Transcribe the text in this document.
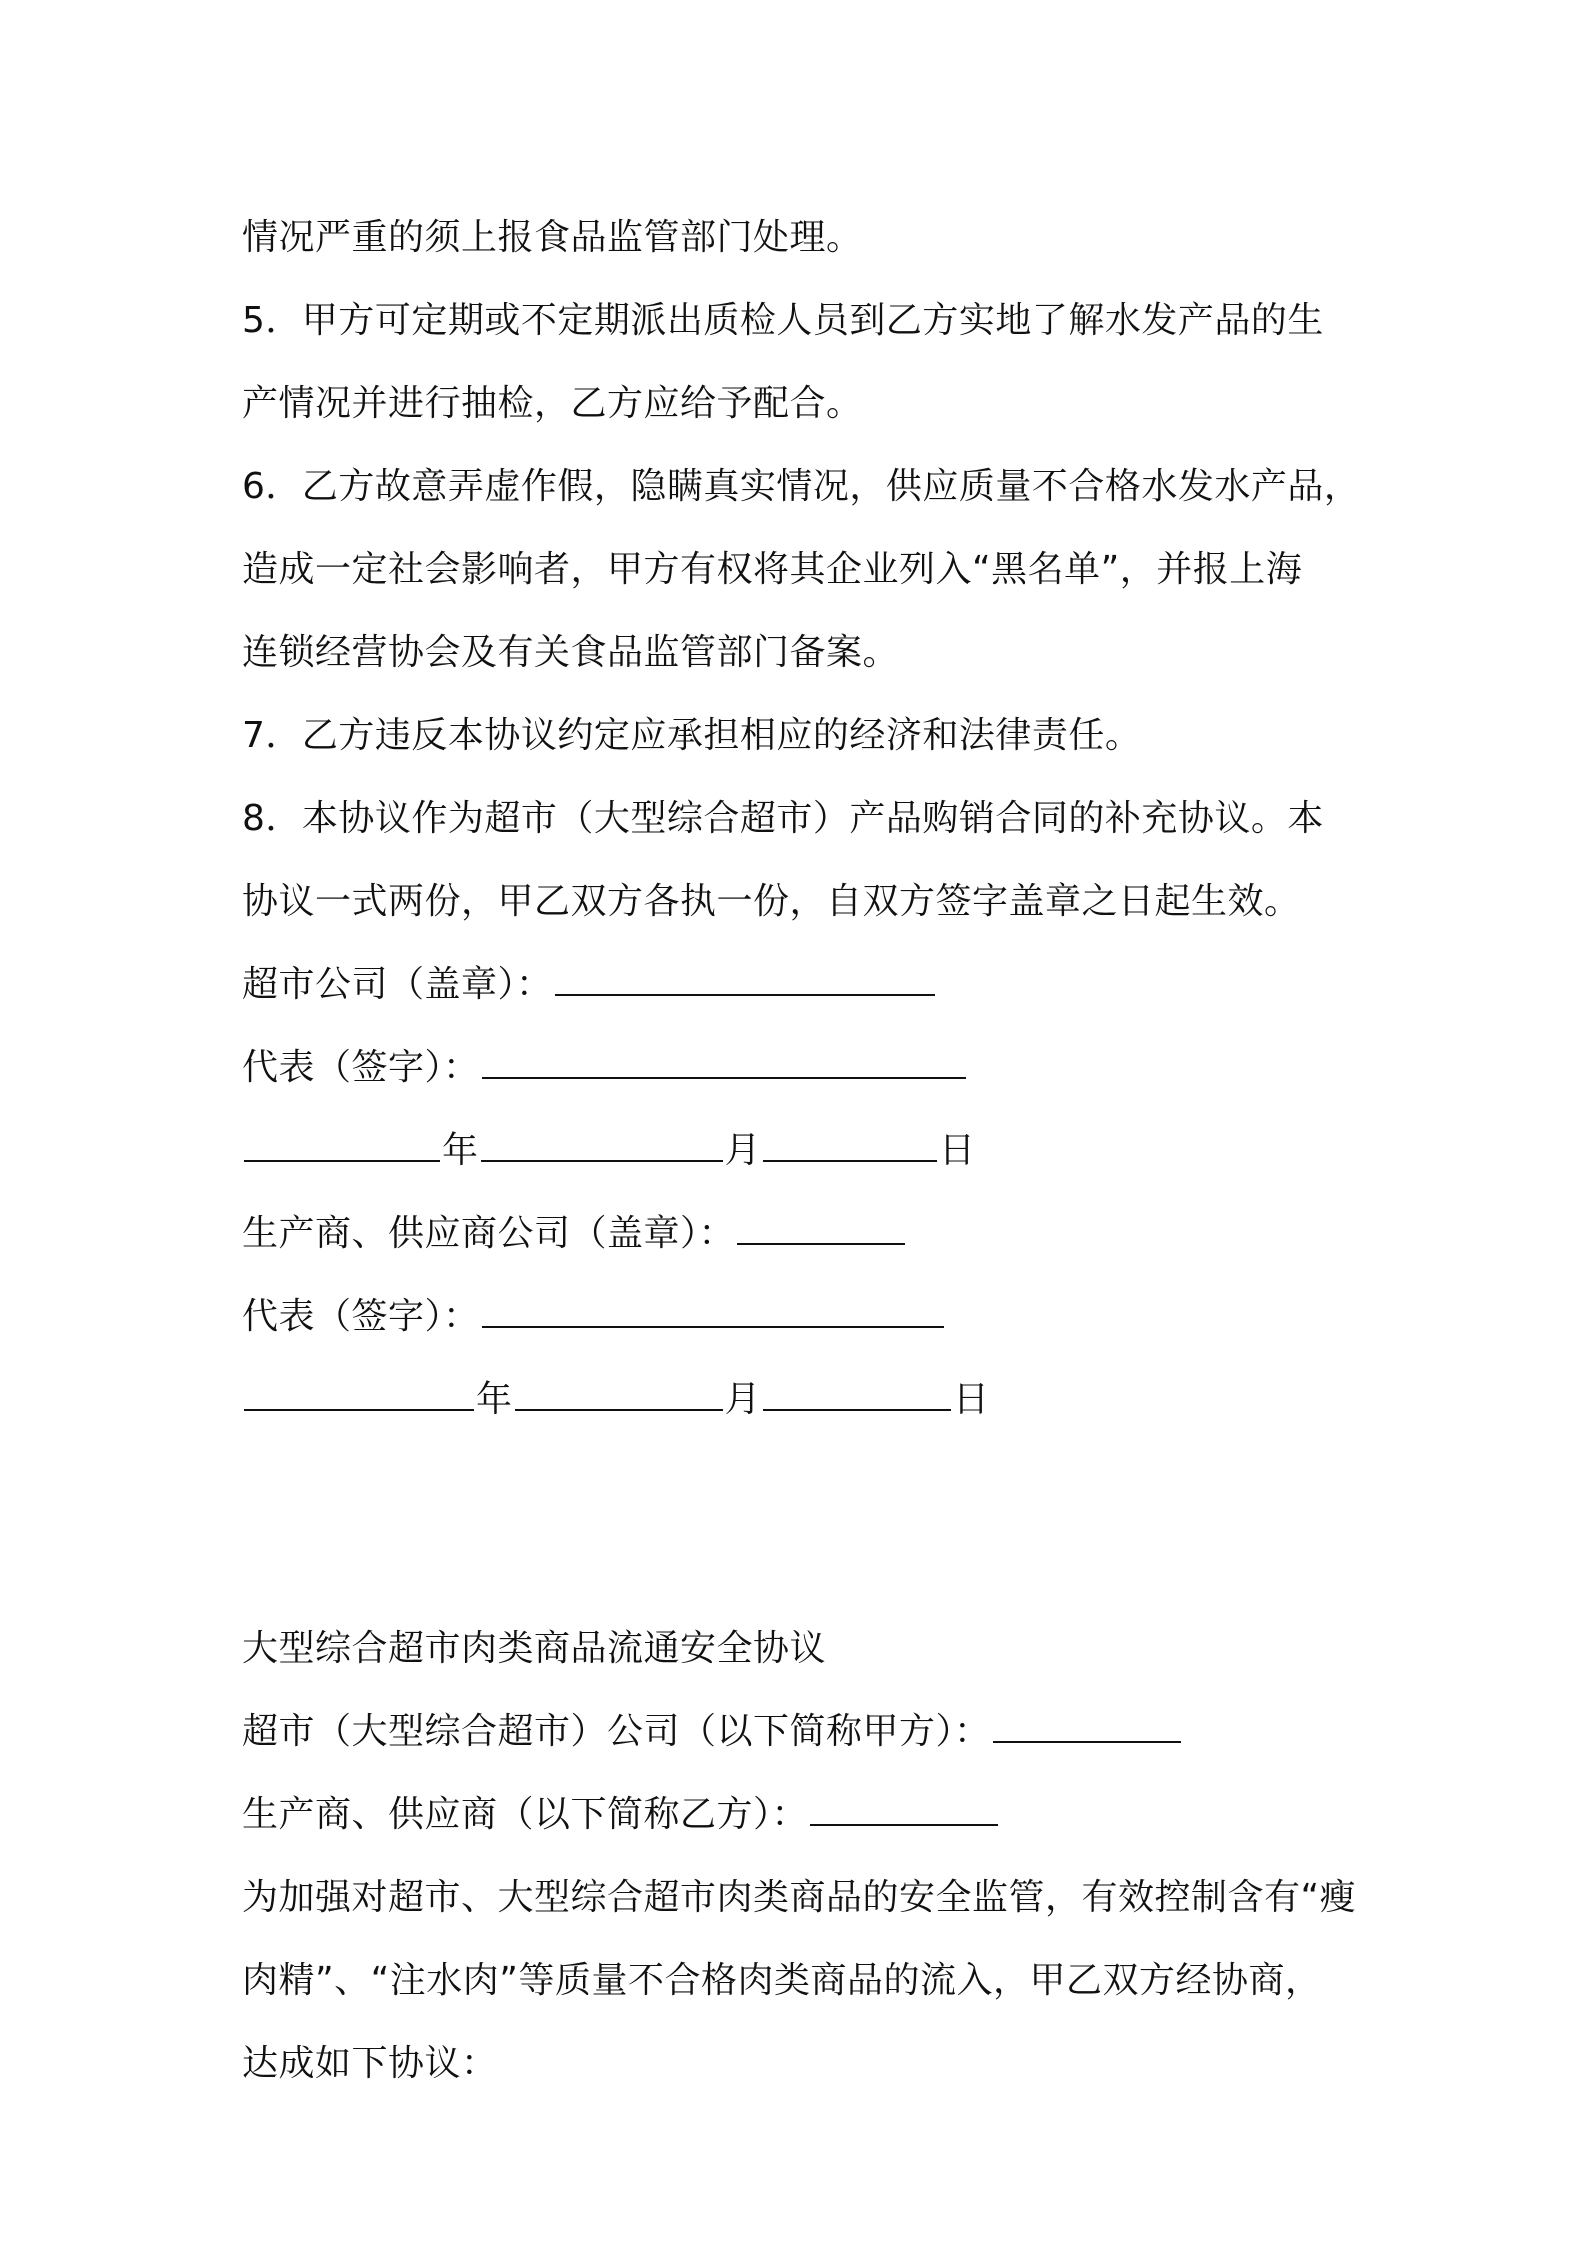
情况严重的须上报食品监管部门处理。
5．甲方可定期或不定期派出质检人员到乙方实地了解水发产品的生
产情况并进行抽检，乙方应给予配合。
6．乙方故意弄虚作假，隐瞒真实情况，供应质量不合格水发水产品，
造成一定社会影响者，甲方有权将其企业列入“黑名单”，并报上海
连锁经营协会及有关食品监管部门备案。
7．乙方违反本协议约定应承担相应的经济和法律责任。
8．本协议作为超市（大型综合超市）产品购销合同的补充协议。本
协议一式两份，甲乙双方各执一份，自双方签字盖章之日起生效。
超市公司（盖章）：
代表（签字）：
年	月	日
生产商、供应商公司（盖章）：
代表（签字）：
年	月	日
大型综合超市肉类商品流通安全协议
超市（大型综合超市）公司（以下简称甲方）：
生产商、供应商（以下简称乙方）：
为加强对超市、大型综合超市肉类商品的安全监管，有效控制含有“瘦
肉精”、“注水肉”等质量不合格肉类商品的流入，甲乙双方经协商，
达成如下协议：
